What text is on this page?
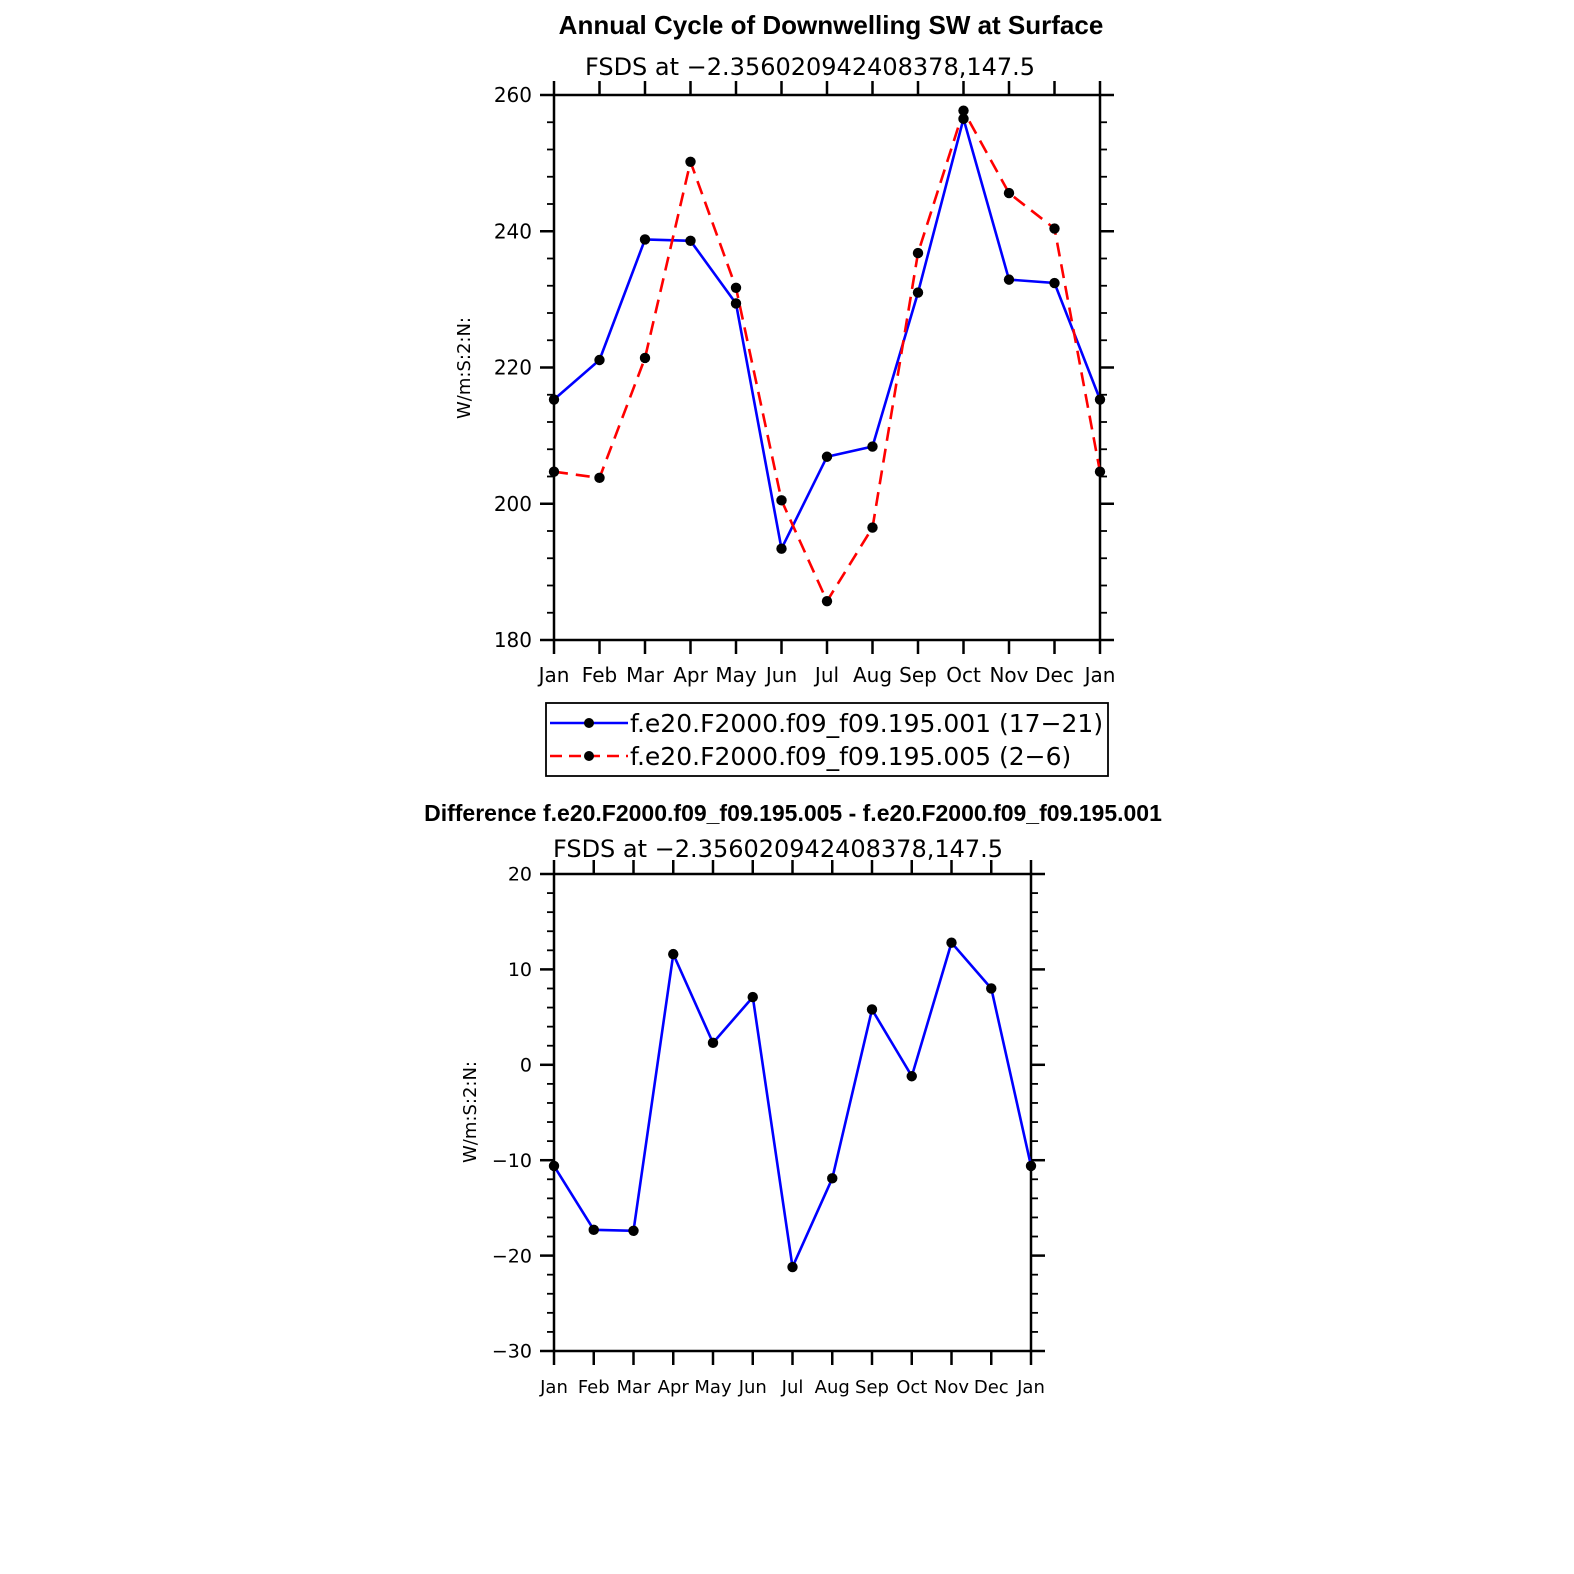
Annual Cycle of Downwelling SW at Surface
FSDS at −2.356020942408378,147.5
W/m:S:2:N:
180
200
220
240
260
Jan Feb Mar Apr May Jun Jul Aug Sep Oct Nov Dec Jan
f.e20.F2000.f09_f09.195.001 (17−21)
f.e20.F2000.f09_f09.195.005 (2−6)
Difference f.e20.F2000.f09_f09.195.005 - f.e20.F2000.f09_f09.195.001
FSDS at −2.356020942408378,147.5
W/m:S:2:N:
−30
−20
−10
0
10
20
Jan Feb Mar Apr May Jun Jul Aug Sep Oct Nov Dec Jan
